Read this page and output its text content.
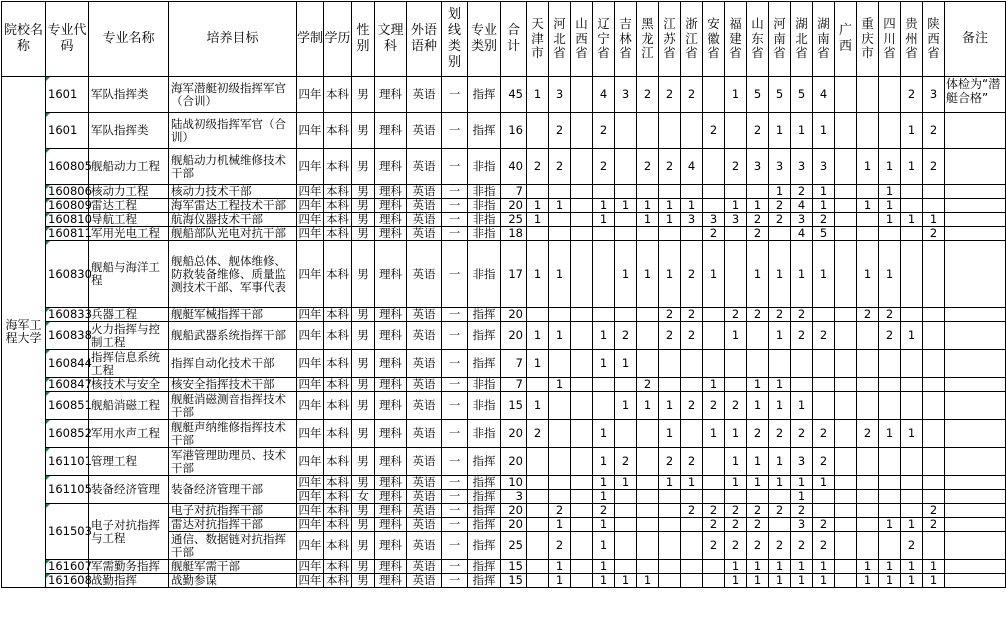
院校名称	专业代码	专业名称	培养目标	学制	学历	性别	文理科	外语语种	划线类别	专业类别	合计	天津市	河北省	山西省	辽宁省	吉林省	黑龙江	江苏省	浙江省	安徽省	福建省	山东省	河南省	湖北省	湖南省	广西	重庆市	四川省	贵州省	陕西省	备注
海军工程大学	1601	军队指挥类	海军潜艇初级指挥军官（合训）	四年	本科	男	理科	英语	一	指挥	45	1	3		4	3	2	2	2		1	5	5	5	4				2	3	体检为“潜艇合格”
	1601	军队指挥类	陆战初级指挥军官（合训）	四年	本科	男	理科	英语	一	指挥	16		2		2					2		2	1	1	1				1	2	
	160805	舰船动力工程	舰船动力机械维修技术干部	四年	本科	男	理科	英语	一	非指	40	2	2		2		2	2	4		2	3	3	3	3		1	1	1	2	
	160806	核动力工程	核动力技术干部	四年	本科	男	理科	英语	一	非指	7												1	2	1			1			
	160809	雷达工程	海军雷达工程技术干部	四年	本科	男	理科	英语	一	非指	20	1	1		1	1	1	1	1		1	1	2	4	1		1	1			
	160810	导航工程	航海仪器技术干部	四年	本科	男	理科	英语	一	非指	25	1			1		1	1	3	3	3	2	2	3	2			1	1	1	
	160811	军用光电工程	舰船部队光电对抗干部	四年	本科	男	理科	英语	一	非指	18									2		2		4	5					2	
	160830	舰船与海洋工程	舰船总体、舰体维修、防救装备维修、质量监测技术干部、军事代表	四年	本科	男	理科	英语	一	非指	17	1	1			1	1	1	2	1		1	1	1	1		1	1			
	160833	兵器工程	舰艇军械指挥干部	四年	本科	男	理科	英语	一	指挥	20							2	2		2	2	2	2			2	2			
	160838	火力指挥与控制工程	舰船武器系统指挥干部	四年	本科	男	理科	英语	一	指挥	20	1	1		1	2		2	2		1		1	2	2			2	1		
	160844	指挥信息系统工程	指挥自动化技术干部	四年	本科	男	理科	英语	一	指挥	7	1			1	1															
	160847	核技术与安全	核安全指挥技术干部	四年	本科	男	理科	英语	一	非指	7		1				2			1		1	1								
	160851	舰船消磁工程	舰艇消磁测音指挥技术干部	四年	本科	男	理科	英语	一	非指	15	1				1	1	1	2	2	2	1	1	1							
	160852	军用水声工程	舰艇声纳维修指挥技术干部	四年	本科	男	理科	英语	一	非指	20	2			1			1		1	1	2	2	2	2		2	1	1		
	161101	管理工程	军港管理助理员、技术干部	四年	本科	男	理科	英语	一	指挥	20				1	2		2	2		1	1	1	3	2						
	161105	装备经济管理	装备经济管理干部	四年	本科	男	理科	英语	一	指挥	10				1	1		1	1		1	1	1	1	1						
				四年	本科	女	理科	英语	一	指挥	3				1									1							
	161503	电子对抗指挥与工程	电子对抗指挥干部	四年	本科	男	理科	英语	一	指挥	20		2		2				2	2	2	2	2	2						2	
			雷达对抗指挥干部	四年	本科	男	理科	英语	一	指挥	20		1		1					2	2	2		3	2			1	1	2	
			通信、数据链对抗指挥干部	四年	本科	男	理科	英语	一	指挥	25		2		1					2	2	2	2	2	2				2		
	161607	军需勤务指挥	舰艇军需干部	四年	本科	男	理科	英语	一	指挥	15		1		1						1	1	1	1	1		1	1	1	1	
	161608	战勤指挥	战勤参谋	四年	本科	男	理科	英语	一	指挥	15		1		1	1	1				1	1	1	1	1		1	1	1	1	
